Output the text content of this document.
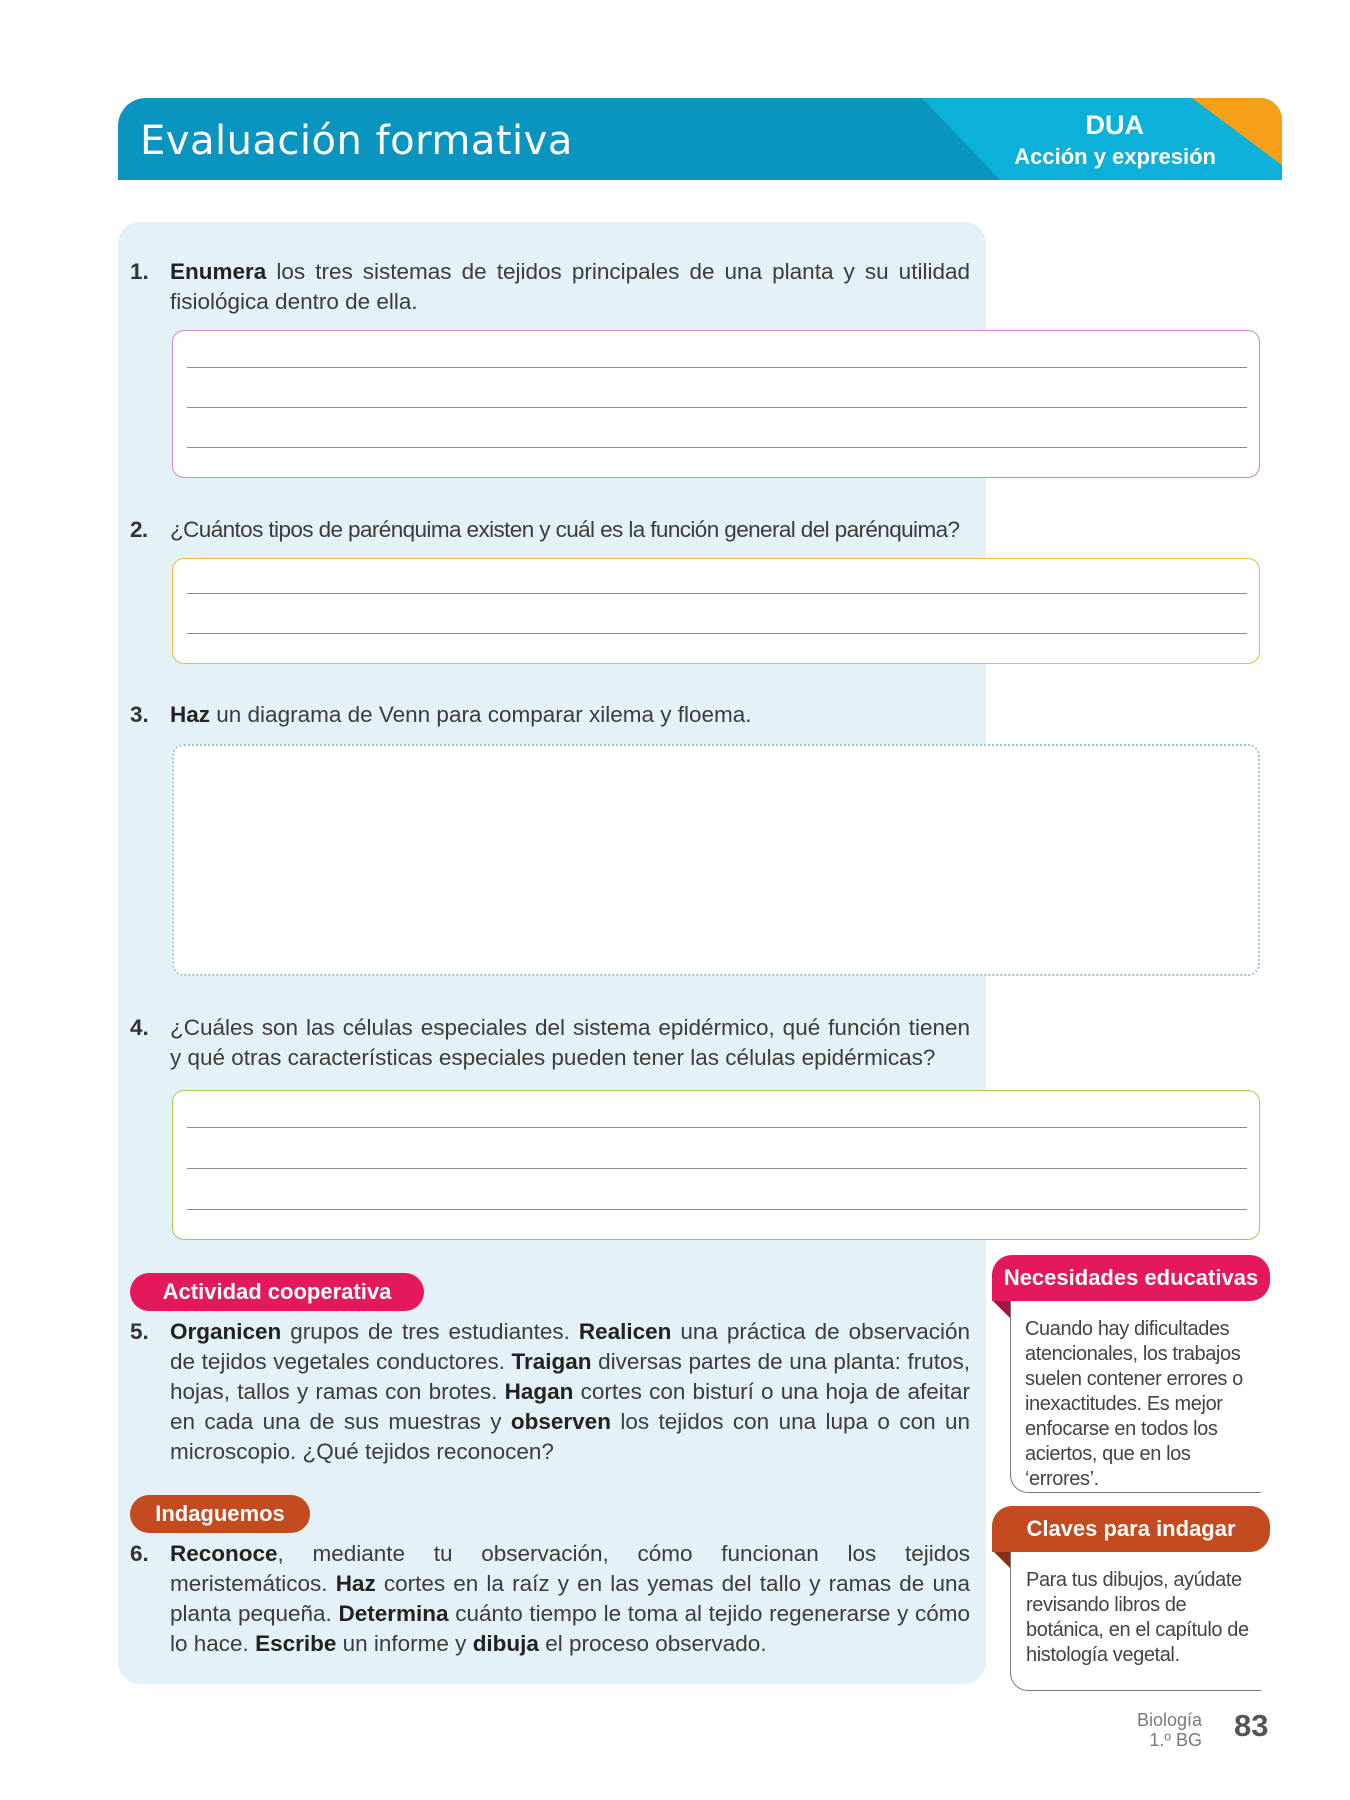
Evaluación formativa	DUA
Acción y expresión
1. Enumera los tres sistemas de tejidos principales de una planta y su utilidad fisiológica dentro de ella.
2. ¿Cuántos tipos de parénquima existen y cuál es la función general del parénquima?
3. Haz un diagrama de Venn para comparar xilema y floema.
4. ¿Cuáles son las células especiales del sistema epidérmico, qué función tienen y qué otras características especiales pueden tener las células epidérmicas?
Actividad cooperativa
5. Organicen grupos de tres estudiantes. Realicen una práctica de observación de tejidos vegetales conductores. Traigan diversas partes de una planta: frutos, hojas, tallos y ramas con brotes. Hagan cortes con bisturí o una hoja de afeitar en cada una de sus muestras y observen los tejidos con una lupa o con un microscopio. ¿Qué tejidos reconocen?
Indaguemos
6. Reconoce, mediante tu observación, cómo funcionan los tejidos meristemáticos. Haz cortes en la raíz y en las yemas del tallo y ramas de una planta pequeña. Determina cuánto tiempo le toma al tejido regenerarse y cómo lo hace. Escribe un informe y dibuja el proceso observado.
Necesidades educativas
Cuando hay dificultades atencionales, los trabajos suelen contener errores o inexactitudes. Es mejor enfocarse en todos los aciertos, que en los ‘errores’.
Claves para indagar
Para tus dibujos, ayúdate revisando libros de botánica, en el capítulo de histología vegetal.
Biología
1.º BG 83
